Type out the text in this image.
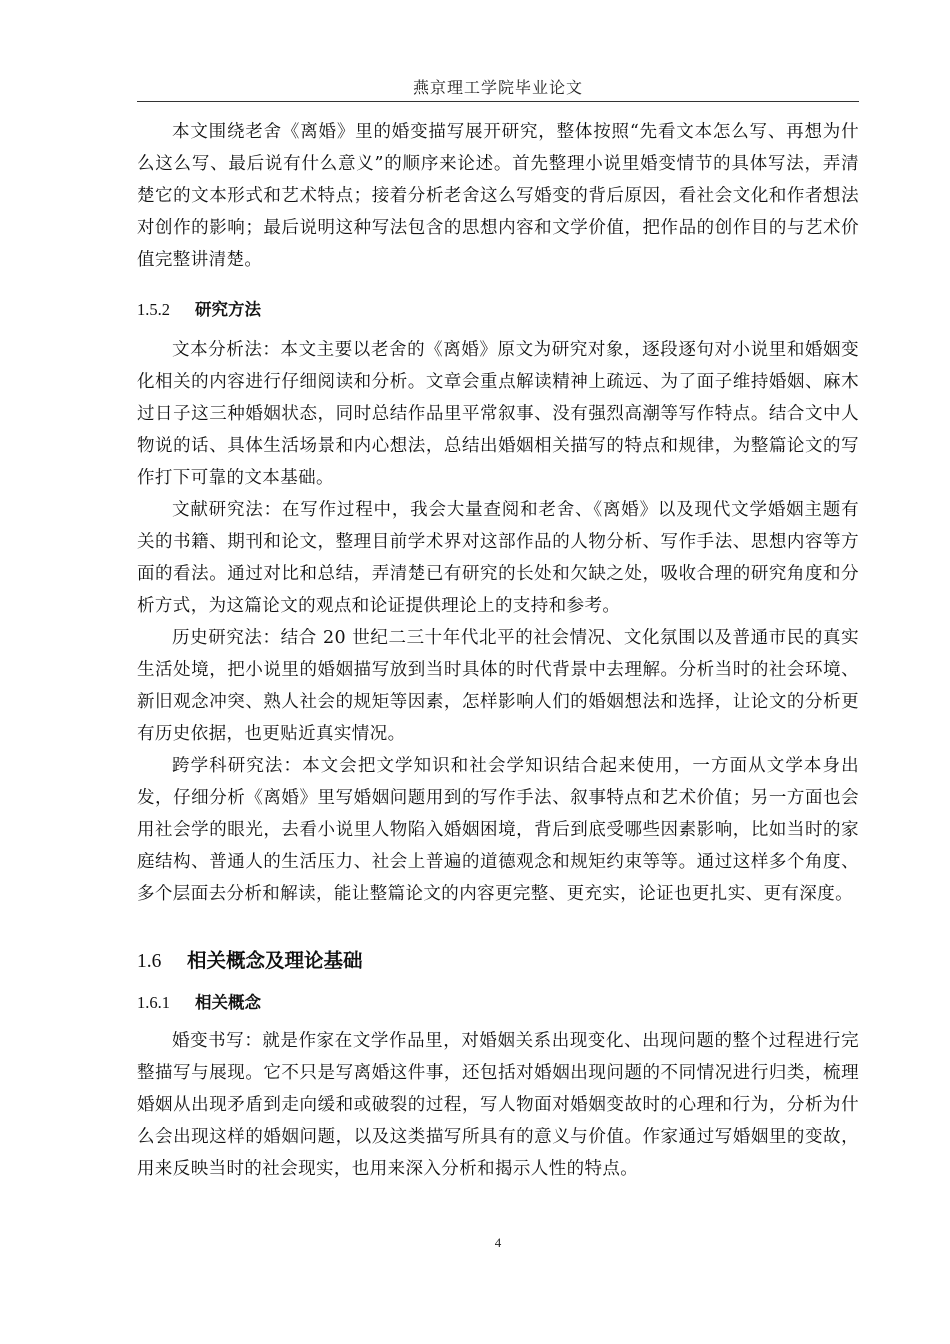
燕京理工学院毕业论文

本文围绕老舍《离婚》里的婚变描写展开研究，整体按照“先看文本怎么写、再想为什么这么写、最后说有什么意义”的顺序来论述。首先整理小说里婚变情节的具体写法，弄清楚它的文本形式和艺术特点；接着分析老舍这么写婚变的背后原因，看社会文化和作者想法对创作的影响；最后说明这种写法包含的思想内容和文学价值，把作品的创作目的与艺术价值完整讲清楚。

1.5.2 研究方法

文本分析法：本文主要以老舍的《离婚》原文为研究对象，逐段逐句对小说里和婚姻变化相关的内容进行仔细阅读和分析。文章会重点解读精神上疏远、为了面子维持婚姻、麻木过日子这三种婚姻状态，同时总结作品里平常叙事、没有强烈高潮等写作特点。结合文中人物说的话、具体生活场景和内心想法，总结出婚姻相关描写的特点和规律，为整篇论文的写作打下可靠的文本基础。

文献研究法：在写作过程中，我会大量查阅和老舍、《离婚》以及现代文学婚姻主题有关的书籍、期刊和论文，整理目前学术界对这部作品的人物分析、写作手法、思想内容等方面的看法。通过对比和总结，弄清楚已有研究的长处和欠缺之处，吸收合理的研究角度和分析方式，为这篇论文的观点和论证提供理论上的支持和参考。

历史研究法：结合 20 世纪二三十年代北平的社会情况、文化氛围以及普通市民的真实生活处境，把小说里的婚姻描写放到当时具体的时代背景中去理解。分析当时的社会环境、新旧观念冲突、熟人社会的规矩等因素，怎样影响人们的婚姻想法和选择，让论文的分析更有历史依据，也更贴近真实情况。

跨学科研究法：本文会把文学知识和社会学知识结合起来使用，一方面从文学本身出发，仔细分析《离婚》里写婚姻问题用到的写作手法、叙事特点和艺术价值；另一方面也会用社会学的眼光，去看小说里人物陷入婚姻困境，背后到底受哪些因素影响，比如当时的家庭结构、普通人的生活压力、社会上普遍的道德观念和规矩约束等等。通过这样多个角度、多个层面去分析和解读，能让整篇论文的内容更完整、更充实，论证也更扎实、更有深度。

1.6 相关概念及理论基础
1.6.1 相关概念

婚变书写：就是作家在文学作品里，对婚姻关系出现变化、出现问题的整个过程进行完整描写与展现。它不只是写离婚这件事，还包括对婚姻出现问题的不同情况进行归类，梳理婚姻从出现矛盾到走向缓和或破裂的过程，写人物面对婚姻变故时的心理和行为，分析为什么会出现这样的婚姻问题，以及这类描写所具有的意义与价值。作家通过写婚姻里的变故，用来反映当时的社会现实，也用来深入分析和揭示人性的特点。

4
